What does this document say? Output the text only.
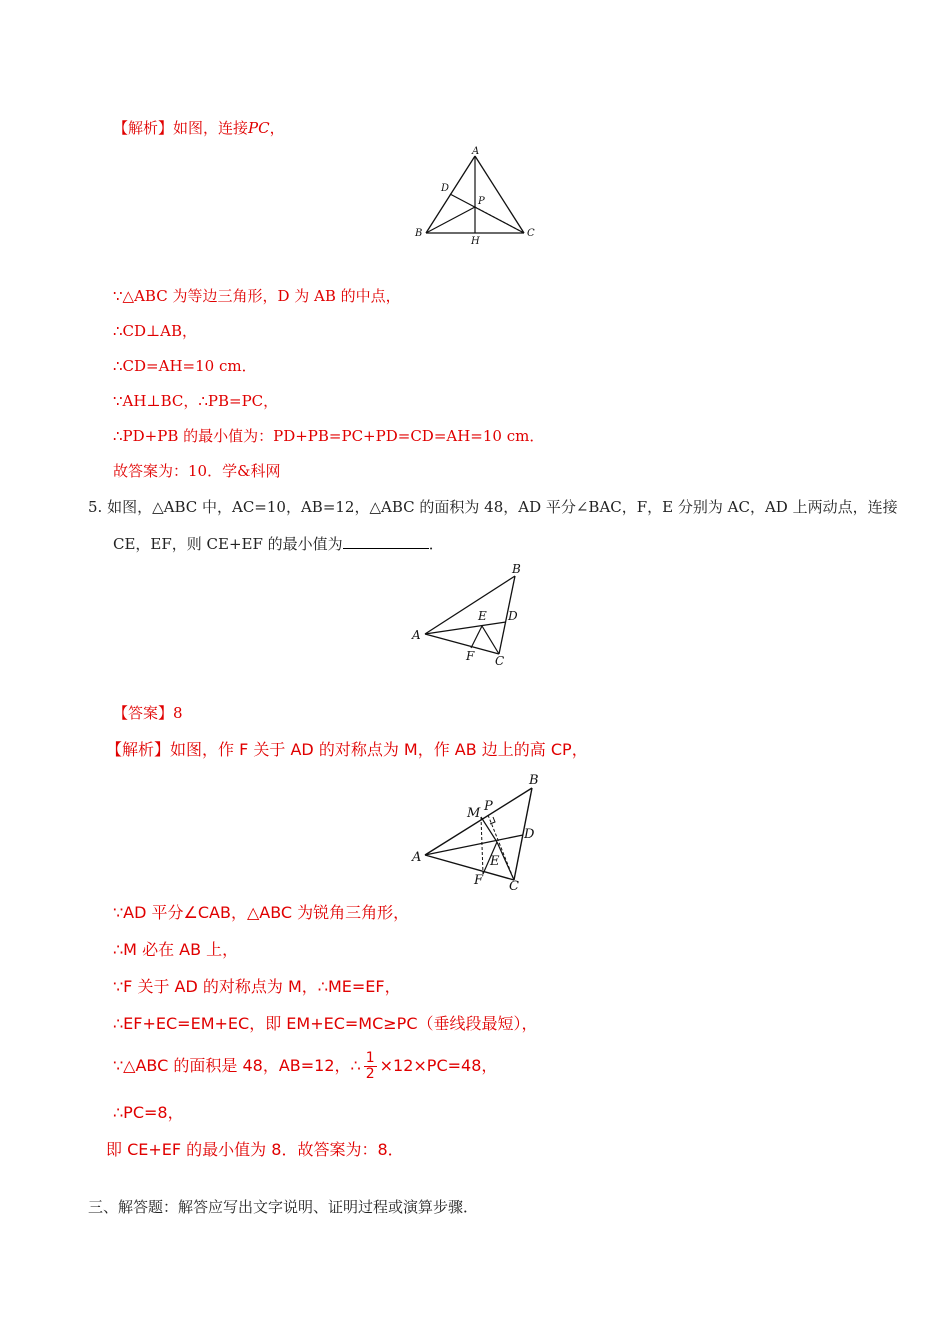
【解析】如图，连接PC，
A
D
P
B
H
C
∵△ABC 为等边三角形，D 为 AB 的中点，
∴CD⊥AB，
∴CD=AH=10 cm．
∵AH⊥BC，∴PB=PC，
∴PD+PB 的最小值为：PD+PB=PC+PD=CD=AH=10 cm．
故答案为：10．学&科网
5. 如图，△ABC 中，AC=10，AB=12，△ABC 的面积为 48，AD 平分∠BAC，F，E 分别为 AC，AD 上两动点，连接
CE，EF，则 CE+EF 的最小值为	．
B
E D
A
F C
【答案】8
【解析】如图，作 F 关于 AD 的对称点为 M，作 AB 边上的高 CP，
B
M P
D
A	E
F C
∵AD 平分∠CAB，△ABC 为锐角三角形，
∴M 必在 AB 上，
∵F 关于 AD 的对称点为 M，∴ME=EF，
∴EF+EC=EM+EC，即 EM+EC=MC≥PC（垂线段最短），
∵△ABC 的面积是 48，AB=12，∴ $\frac{1}{2} \times 12\times PC=48$，
∴PC=8，
即 CE+EF 的最小值为 8．故答案为：8．
三、解答题：解答应写出文字说明、证明过程或演算步骤．
